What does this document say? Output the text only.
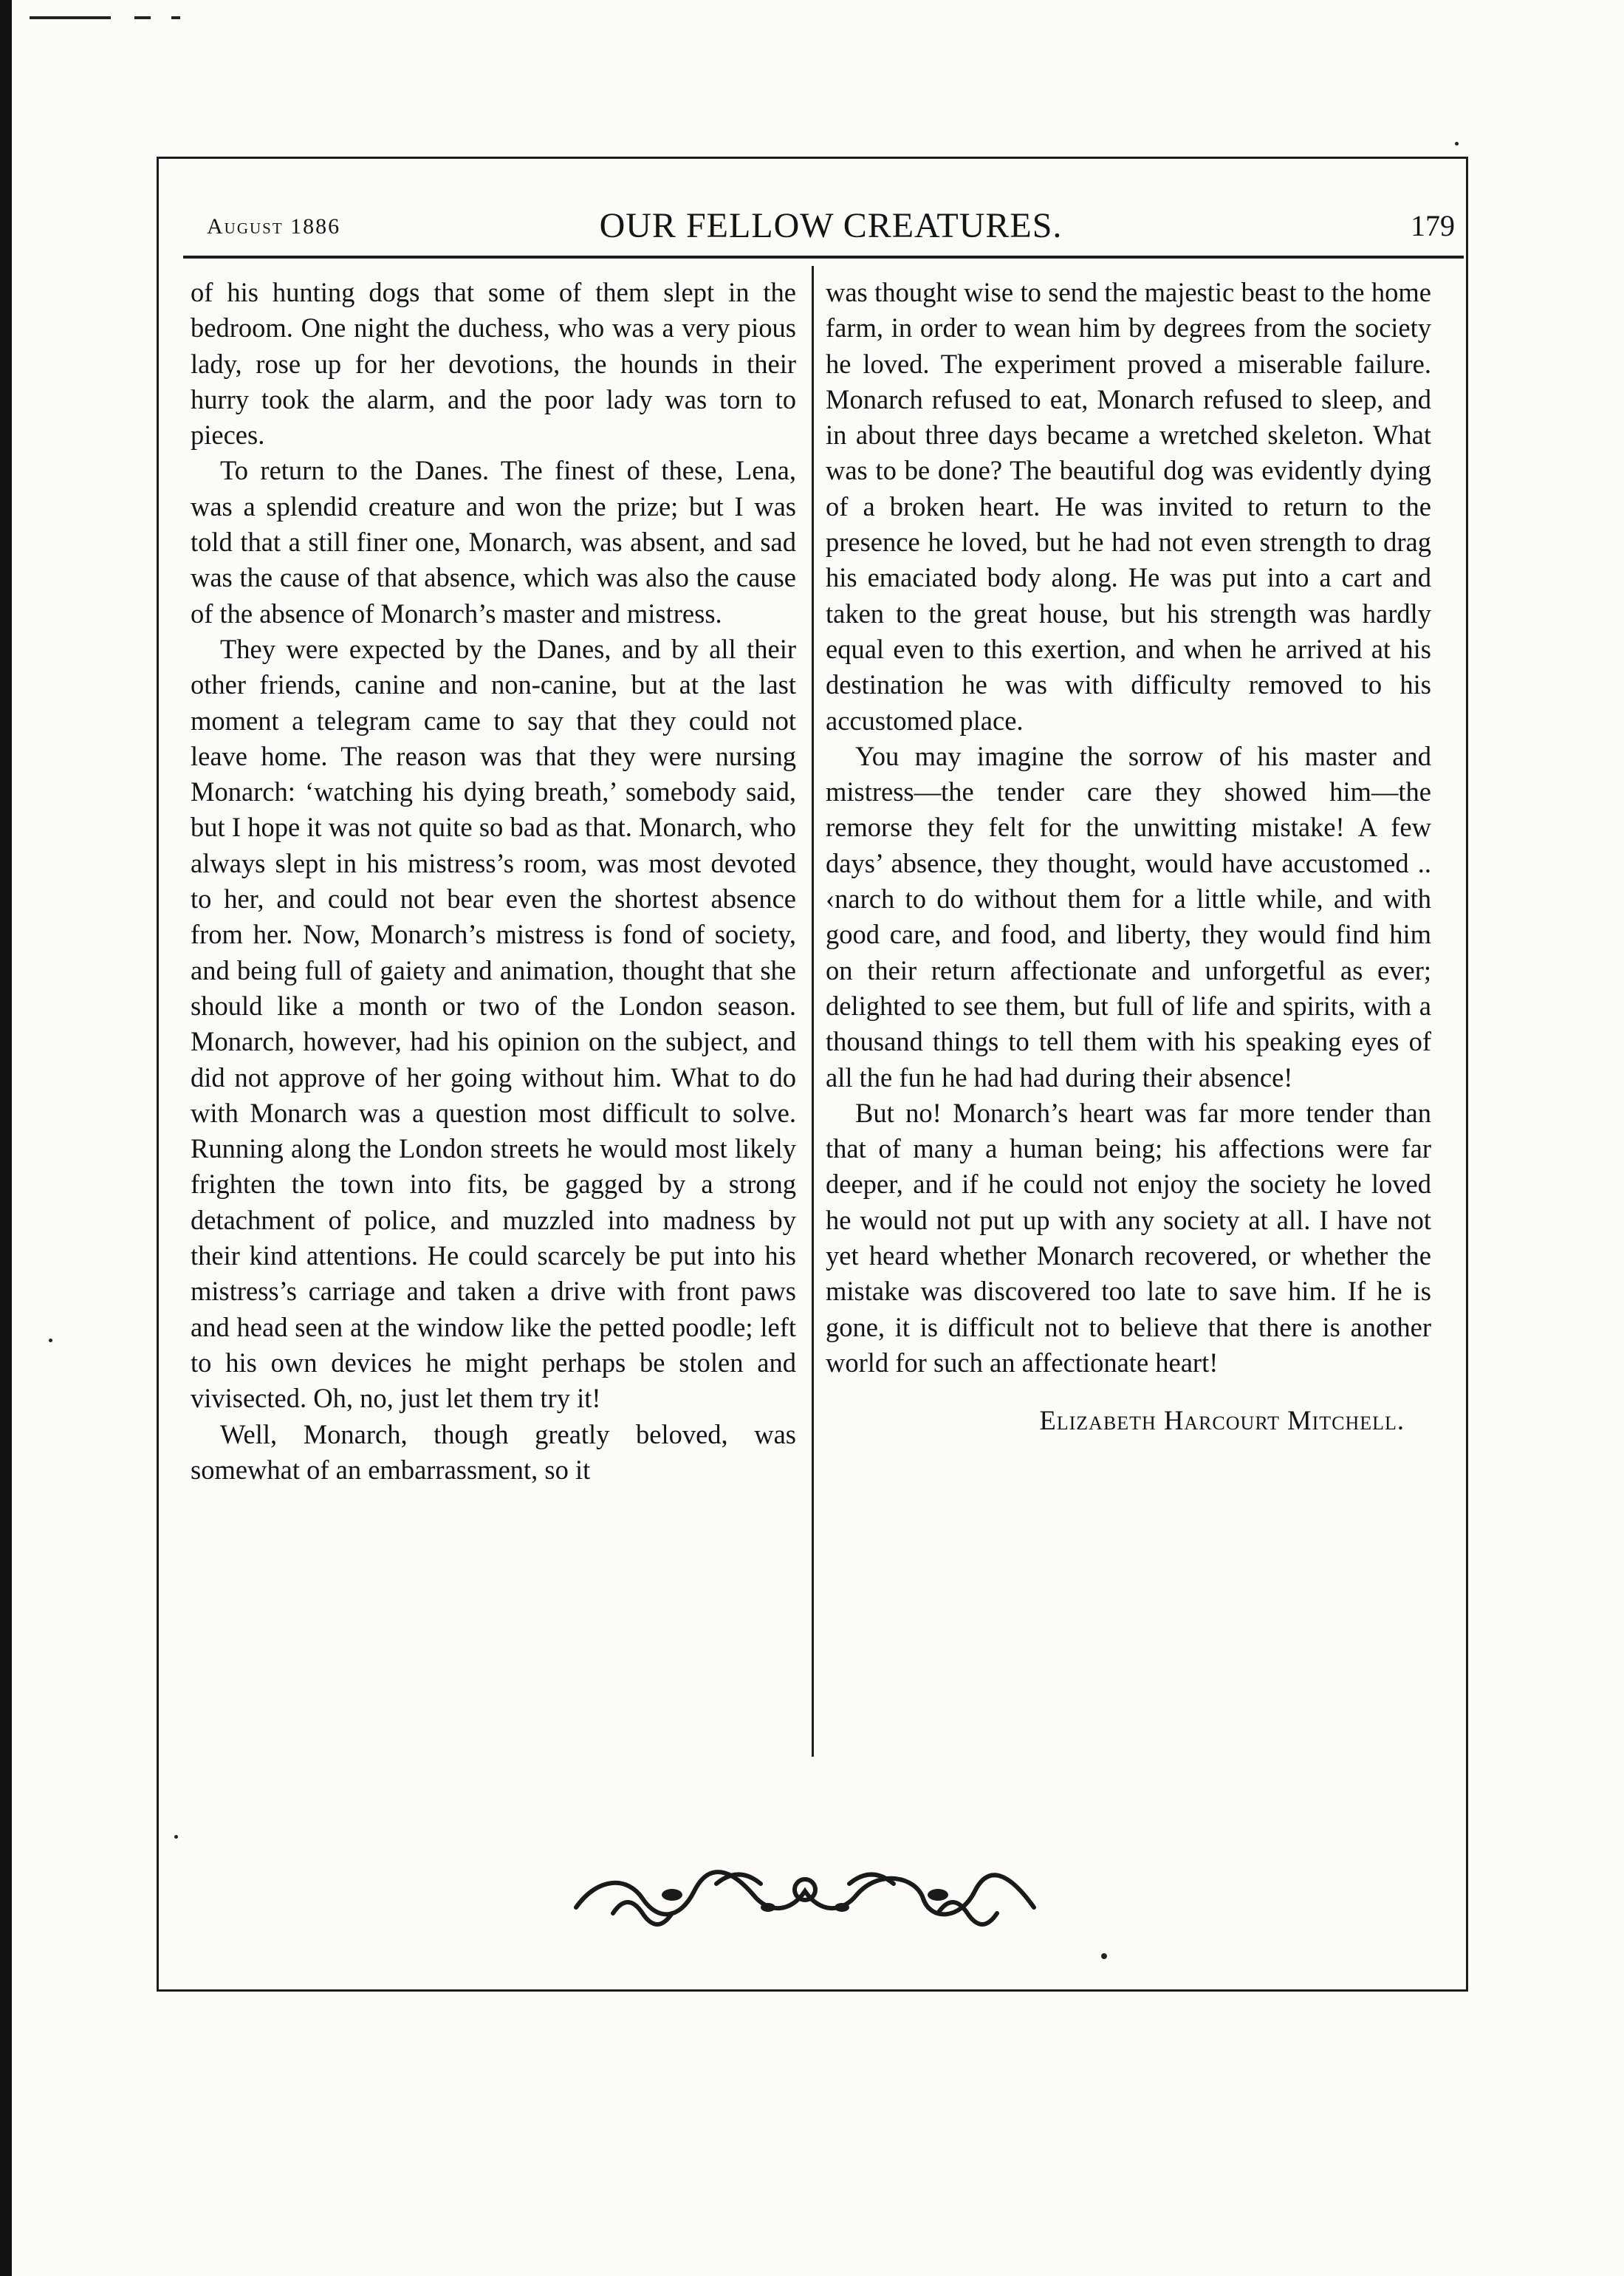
August 1886	OUR FELLOW CREATURES.	179

of his hunting dogs that some of them slept in the bedroom. One night the duchess, who was a very pious lady, rose up for her devotions, the hounds in their hurry took the alarm, and the poor lady was torn to pieces.

To return to the Danes. The finest of these, Lena, was a splendid creature and won the prize; but I was told that a still finer one, Monarch, was absent, and sad was the cause of that absence, which was also the cause of the absence of Monarch’s master and mistress.

They were expected by the Danes, and by all their other friends, canine and non-canine, but at the last moment a telegram came to say that they could not leave home. The reason was that they were nursing Monarch: ‘watching his dying breath,’ somebody said, but I hope it was not quite so bad as that. Monarch, who always slept in his mistress’s room, was most devoted to her, and could not bear even the shortest absence from her. Now, Monarch’s mistress is fond of society, and being full of gaiety and animation, thought that she should like a month or two of the London season. Monarch, however, had his opinion on the subject, and did not approve of her going without him. What to do with Monarch was a question most difficult to solve. Running along the London streets he would most likely frighten the town into fits, be gagged by a strong detachment of police, and muzzled into madness by their kind attentions. He could scarcely be put into his mistress’s carriage and taken a drive with front paws and head seen at the window like the petted poodle; left to his own devices he might perhaps be stolen and vivisected. Oh, no, just let them try it!

Well, Monarch, though greatly beloved, was somewhat of an embarrassment, so it

was thought wise to send the majestic beast to the home farm, in order to wean him by degrees from the society he loved. The experiment proved a miserable failure. Monarch refused to eat, Monarch refused to sleep, and in about three days became a wretched skeleton. What was to be done? The beautiful dog was evidently dying of a broken heart. He was invited to return to the presence he loved, but he had not even strength to drag his emaciated body along. He was put into a cart and taken to the great house, but his strength was hardly equal even to this exertion, and when he arrived at his destination he was with difficulty removed to his accustomed place.

You may imagine the sorrow of his master and mistress—the tender care they showed him—the remorse they felt for the unwitting mistake! A few days’ absence, they thought, would have accustomed .. ‹narch to do without them for a little while, and with good care, and food, and liberty, they would find him on their return affectionate and unforgetful as ever; delighted to see them, but full of life and spirits, with a thousand things to tell them with his speaking eyes of all the fun he had had during their absence!

But no! Monarch’s heart was far more tender than that of many a human being; his affections were far deeper, and if he could not enjoy the society he loved he would not put up with any society at all. I have not yet heard whether Monarch recovered, or whether the mistake was discovered too late to save him. If he is gone, it is difficult not to believe that there is another world for such an affectionate heart!

Elizabeth Harcourt Mitchell.
